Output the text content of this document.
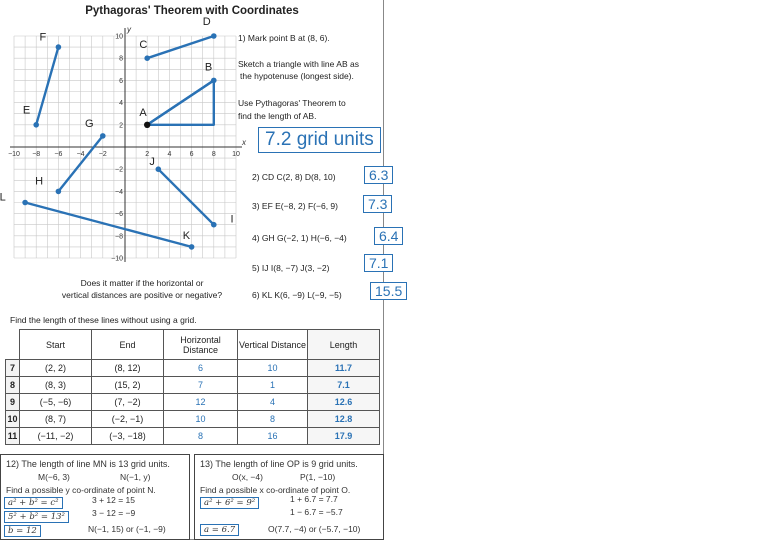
Pythagoras' Theorem with Coordinates
x
y
−10 −8 −6 −4 −2	2	4	6	8 10
10
8
6
4
2
−2
−4
−6
−8
−10
D
F
C
B
E
G
A
J
H
L
I
K
1) Mark point B at (8, 6).
Sketch a triangle with line AB as
the hypotenuse (longest side).
Use Pythagoras' Theorem to
find the length of AB.
7.2 grid units
2) CD C(2, 8) D(8, 10)	6.3
3) EF E(−8, 2) F(−6, 9)	7.3
4) GH G(−2, 1) H(−6, −4)	6.4
5) IJ I(8, −7) J(3, −2)	7.1
6) KL K(6, −9) L(−9, −5)	15.5
Does it matter if the horizontal or
vertical distances are positive or negative?
Find the length of these lines without using a grid.
	Start	End	Horizontal Distance	Vertical Distance	Length
7	(2, 2)	(8, 12)	6	10	11.7
8	(8, 3)	(15, 2)	7	1	7.1
9	(−5, −6)	(7, −2)	12	4	12.6
10	(8, 7)	(−2, −1)	10	8	12.8
11	(−11, −2)	(−3, −18)	8	16	17.9
12) The length of line MN is 13 grid units.
M(−6, 3)	N(−1, y)
Find a possible y co-ordinate of point N.
a² + b² = c²
5² + b² = 13²
b = 12
3 + 12 = 15
3 − 12 = −9
N(−1, 15) or (−1, −9)
13) The length of line OP is 9 grid units.
O(x, −4)	P(1, −10)
Find a possible x co-ordinate of point O.
a² + 6² = 9²
a = 6.7
1 + 6.7 = 7.7
1 − 6.7 = −5.7
O(7.7, −4) or (−5.7, −10)
